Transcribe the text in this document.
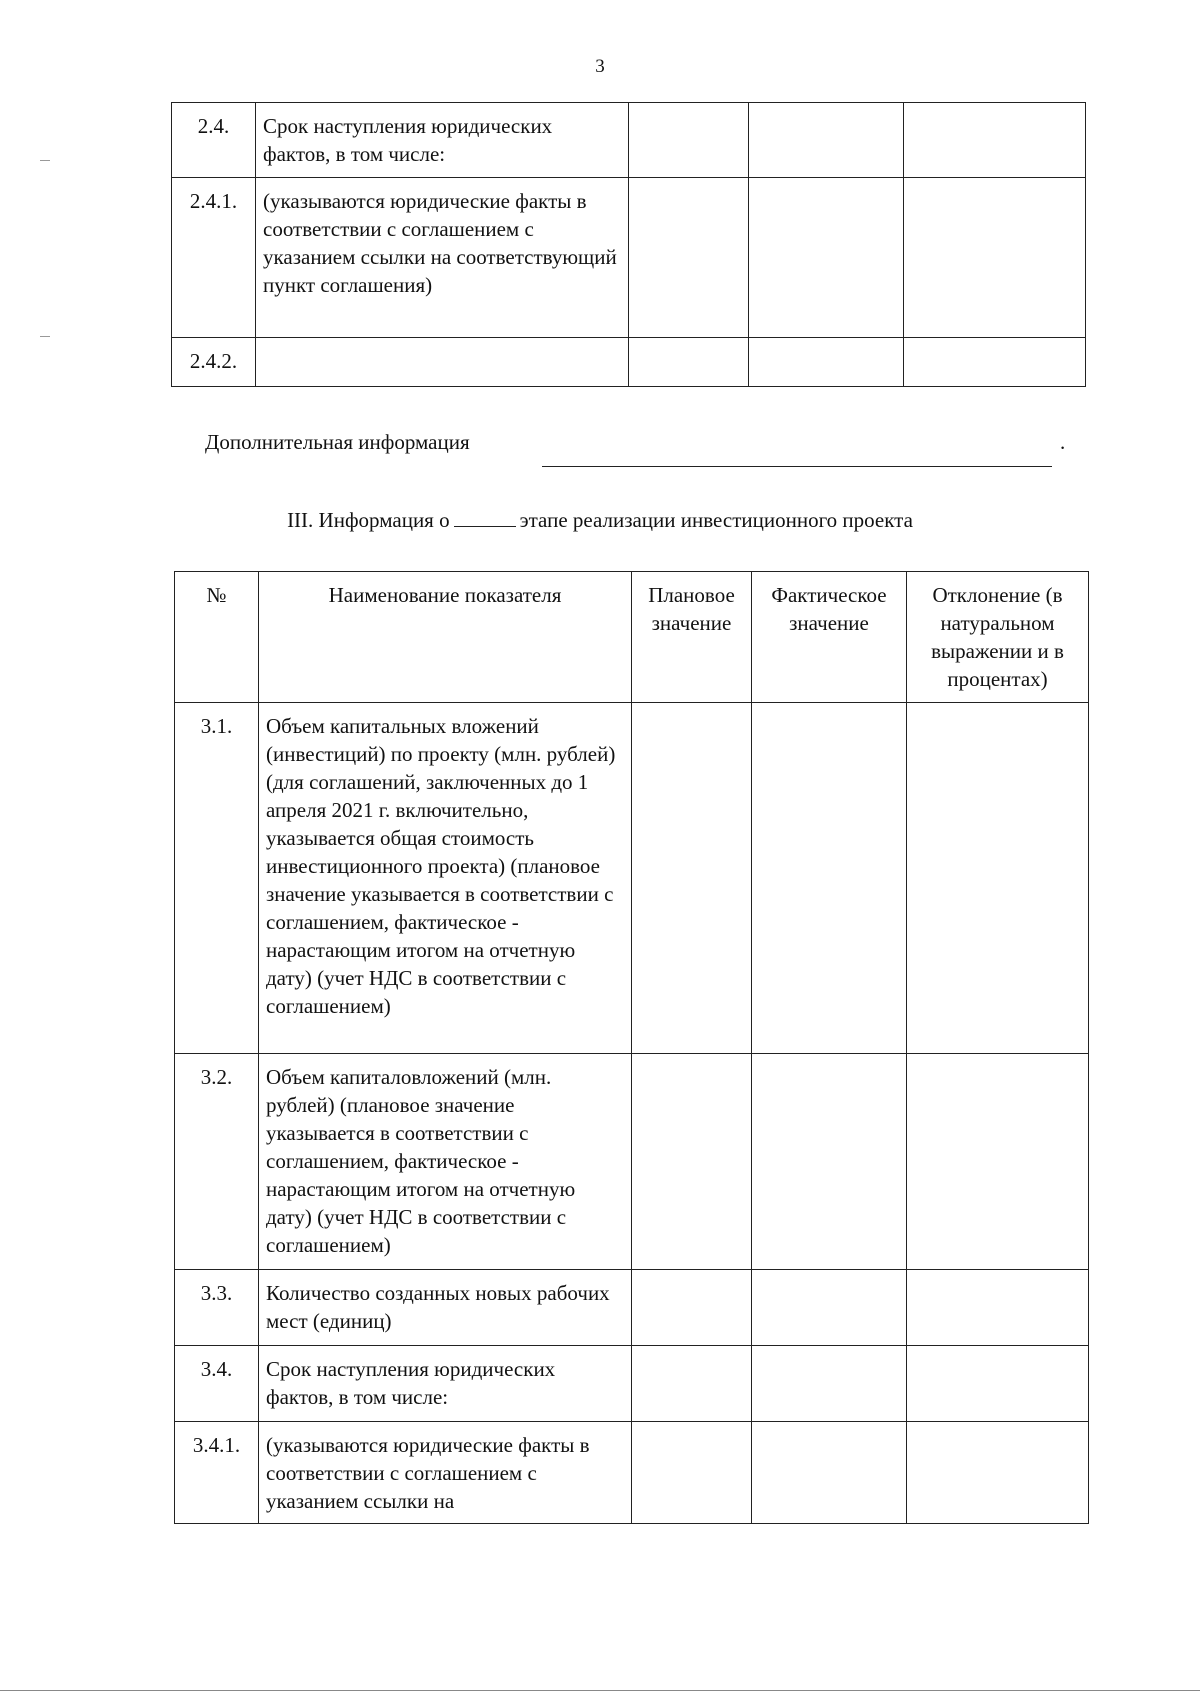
3
2.4.	Срок наступления юридических фактов, в том числе:			
2.4.1.	(указываются юридические факты в соответствии с соглашением с указанием ссылки на соответствующий пункт соглашения)			
2.4.2.				
Дополнительная информация	.
III. Информация о	этапе реализации инвестиционного проекта
№	Наименование показателя	Плановое значение	Фактическое значение	Отклонение (в натуральном выражении и в процентах)
3.1.	Объем капитальных вложений (инвестиций) по проекту (млн. рублей) (для соглашений, заключенных до 1 апреля 2021 г. включительно, указывается общая стоимость инвестиционного проекта) (плановое значение указывается в соответствии с соглашением, фактическое - нарастающим итогом на отчетную дату) (учет НДС в соответствии с соглашением)			
3.2.	Объем капиталовложений (млн. рублей) (плановое значение указывается в соответствии с соглашением, фактическое - нарастающим итогом на отчетную дату) (учет НДС в соответствии с соглашением)			
3.3.	Количество созданных новых рабочих мест (единиц)			
3.4.	Срок наступления юридических фактов, в том числе:			
3.4.1.	(указываются юридические факты в соответствии с соглашением с указанием ссылки на			
